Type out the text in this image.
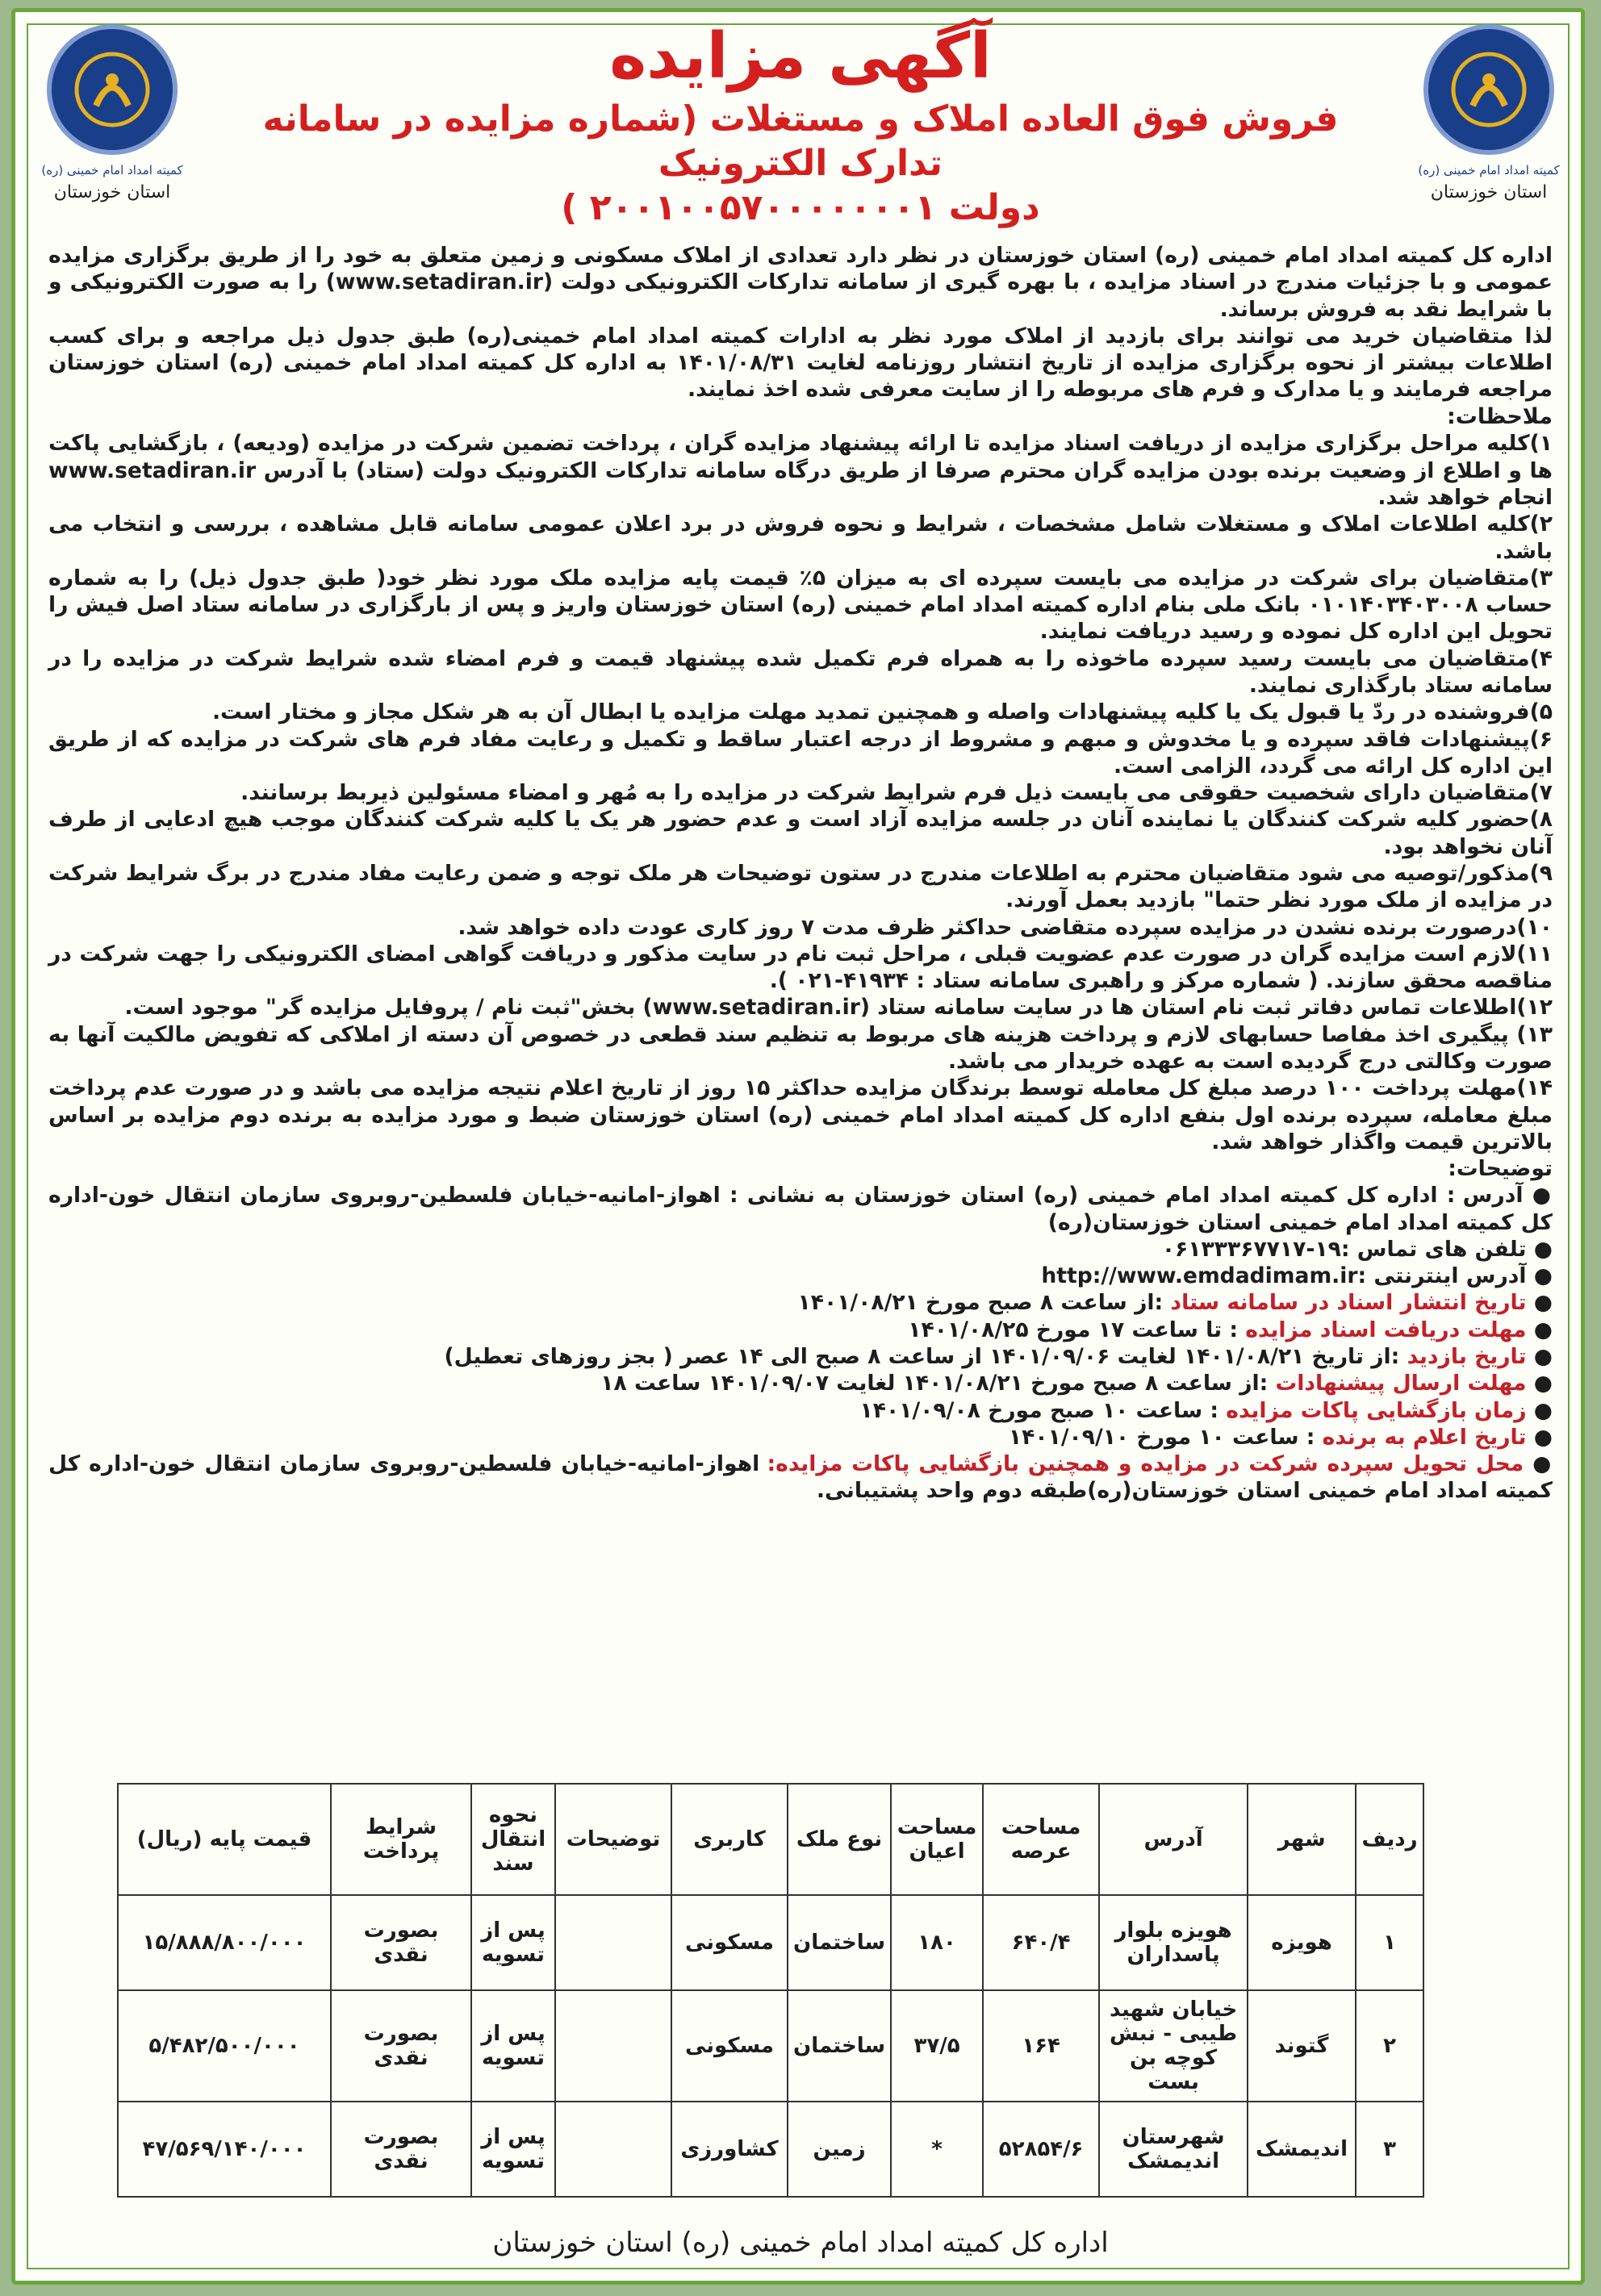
کمیته امداد امام خمینی (ره)
استان خوزستان
کمیته امداد امام خمینی (ره)
استان خوزستان
آگهی مزایده
فروش فوق العاده املاک و مستغلات (شماره مزایده در سامانه تدارک الکترونیک
دولت ۲۰۰۱۰۰۵۷۰۰۰۰۰۰۰۱ )

اداره کل کمیته امداد امام خمینی (ره) استان خوزستان در نظر دارد تعدادی از املاک مسکونی و زمین متعلق به خود را از طریق برگزاری مزایده عمومی و با جزئیات مندرج در اسناد مزایده ، با بهره گیری از سامانه تدارکات الکترونیکی دولت (www.setadiran.ir) را به صورت الکترونیکی و با شرایط نقد به فروش برساند.

لذا متقاضیان خرید می توانند برای بازدید از املاک مورد نظر به ادارات کمیته امداد امام خمینی(ره) طبق جدول ذیل مراجعه و برای کسب اطلاعات بیشتر از نحوه برگزاری مزایده از تاریخ انتشار روزنامه لغایت ۱۴۰۱/۰۸/۳۱ به اداره کل کمیته امداد امام خمینی (ره) استان خوزستان مراجعه فرمایند و یا مدارک و فرم های مربوطه را از سایت معرفی شده اخذ نمایند.

ملاحظات:

۱)کلیه مراحل برگزاری مزایده از دریافت اسناد مزایده تا ارائه پیشنهاد مزایده گران ، پرداخت تضمین شرکت در مزایده (ودیعه) ، بازگشایی پاکت ها و اطلاع از وضعیت برنده بودن مزایده گران محترم صرفا از طریق درگاه سامانه تدارکات الکترونیک دولت (ستاد) با آدرس www.setadiran.ir انجام خواهد شد.

۲)کلیه اطلاعات املاک و مستغلات شامل مشخصات ، شرایط و نحوه فروش در برد اعلان عمومی سامانه قابل مشاهده ، بررسی و انتخاب می باشد.

۳)متقاضیان برای شرکت در مزایده می بایست سپرده ای به میزان ۵٪ قیمت پایه مزایده ملک مورد نظر خود( طبق جدول ذیل) را به شماره حساب ۰۱۰۱۴۰۳۴۰۳۰۰۸ بانک ملی بنام اداره کمیته امداد امام خمینی (ره) استان خوزستان واریز و پس از بارگزاری در سامانه ستاد اصل فیش را تحویل این اداره کل نموده و رسید دریافت نمایند.

۴)متقاضیان می بایست رسید سپرده ماخوذه را به همراه فرم تکمیل شده پیشنهاد قیمت و فرم امضاء شده شرایط شرکت در مزایده را در سامانه ستاد بارگذاری نمایند.

۵)فروشنده در ردّ یا قبول یک یا کلیه پیشنهادات واصله و همچنین تمدید مهلت مزایده یا ابطال آن به هر شکل مجاز و مختار است.

۶)پیشنهادات فاقد سپرده و یا مخدوش و مبهم و مشروط از درجه اعتبار ساقط و تکمیل و رعایت مفاد فرم های شرکت در مزایده که از طریق این اداره کل ارائه می گردد، الزامی است.

۷)متقاضیان دارای شخصیت حقوقی می بایست ذیل فرم شرایط شرکت در مزایده را به مُهر و امضاء مسئولین ذیربط برسانند.

۸)حضور کلیه شرکت کنندگان یا نماینده آنان در جلسه مزایده آزاد است و عدم حضور هر یک یا کلیه شرکت کنندگان موجب هیچ ادعایی از طرف آنان نخواهد بود.

۹)مذکور/توصیه می شود متقاضیان محترم به اطلاعات مندرج در ستون توضیحات هر ملک توجه و ضمن رعایت مفاد مندرج در برگ شرایط شرکت در مزایده از ملک مورد نظر حتما" بازدید بعمل آورند.

۱۰)درصورت برنده نشدن در مزایده سپرده متقاضی حداکثر ظرف مدت ۷ روز کاری عودت داده خواهد شد.

۱۱)لازم است مزایده گران در صورت عدم عضویت قبلی ، مراحل ثبت نام در سایت مذکور و دریافت گواهی امضای الکترونیکی را جهت شرکت در مناقصه محقق سازند. ( شماره مرکز و راهبری سامانه ستاد : ۴۱۹۳۴-۰۲۱ ).

۱۲)اطلاعات تماس دفاتر ثبت نام استان ها در سایت سامانه ستاد (www.setadiran.ir) بخش"ثبت نام / پروفایل مزایده گر" موجود است.

۱۳) پیگیری اخذ مفاصا حسابهای لازم و پرداخت هزینه های مربوط به تنظیم سند قطعی در خصوص آن دسته از املاکی که تفویض مالکیت آنها به صورت وکالتی درج گردیده است به عهده خریدار می باشد.

۱۴)مهلت پرداخت ۱۰۰ درصد مبلغ کل معامله توسط برندگان مزایده حداکثر ۱۵ روز از تاریخ اعلام نتیجه مزایده می باشد و در صورت عدم پرداخت مبلغ معامله، سپرده برنده اول بنفع اداره کل کمیته امداد امام خمینی (ره) استان خوزستان ضبط و مورد مزایده به برنده دوم مزایده بر اساس بالاترین قیمت واگذار خواهد شد.

توضیحات:

● آدرس : اداره کل کمیته امداد امام خمینی (ره) استان خوزستان به نشانی : اهواز-امانیه-خیابان فلسطین-روبروی سازمان انتقال خون-اداره کل کمیته امداد امام خمینی استان خوزستان(ره)

● تلفن های تماس :۱۹-۰۶۱۳۳۳۶۷۷۱۷

● آدرس اینترنتی :http://www.emdadimam.ir

● تاریخ انتشار اسناد در سامانه ستاد :از ساعت ۸ صبح مورخ ۱۴۰۱/۰۸/۲۱

● مهلت دریافت اسناد مزایده : تا ساعت ۱۷ مورخ ۱۴۰۱/۰۸/۲۵

● تاریخ بازدید :از تاریخ ۱۴۰۱/۰۸/۲۱ لغایت ۱۴۰۱/۰۹/۰۶ از ساعت ۸ صبح الی ۱۴ عصر ( بجز روزهای تعطیل)

● مهلت ارسال پیشنهادات :از ساعت ۸ صبح مورخ ۱۴۰۱/۰۸/۲۱ لغایت ۱۴۰۱/۰۹/۰۷ ساعت ۱۸

● زمان بازگشایی پاکات مزایده : ساعت ۱۰ صبح مورخ ۱۴۰۱/۰۹/۰۸

● تاریخ اعلام به برنده : ساعت ۱۰ مورخ ۱۴۰۱/۰۹/۱۰

● محل تحویل سپرده شرکت در مزایده و همچنین بازگشایی پاکات مزایده: اهواز-امانیه-خیابان فلسطین-روبروی سازمان انتقال خون-اداره کل کمیته امداد امام خمینی استان خوزستان(ره)طبقه دوم واحد پشتیبانی.

ردیف	شهر	آدرس	مساحت عرصه	مساحت اعیان	نوع ملک	کاربری	توضیحات	نحوه انتقال سند	شرایط پرداخت	قیمت پایه (ریال)
۱	هویزه	هویزه بلوار پاسداران	۶۴۰/۴	۱۸۰	ساختمان	مسکونی		پس از تسویه	بصورت نقدی	۱۵/۸۸۸/۸۰۰/۰۰۰
۲	گتوند	خیابان شهید طیبی - نبش کوچه بن بست	۱۶۴	۳۷/۵	ساختمان	مسکونی		پس از تسویه	بصورت نقدی	۵/۴۸۲/۵۰۰/۰۰۰
۳	اندیمشک	شهرستان اندیمشک	۵۲۸۵۴/۶	*	زمین	کشاورزی		پس از تسویه	بصورت نقدی	۴۷/۵۶۹/۱۴۰/۰۰۰
اداره کل کمیته امداد امام خمینی (ره) استان خوزستان
